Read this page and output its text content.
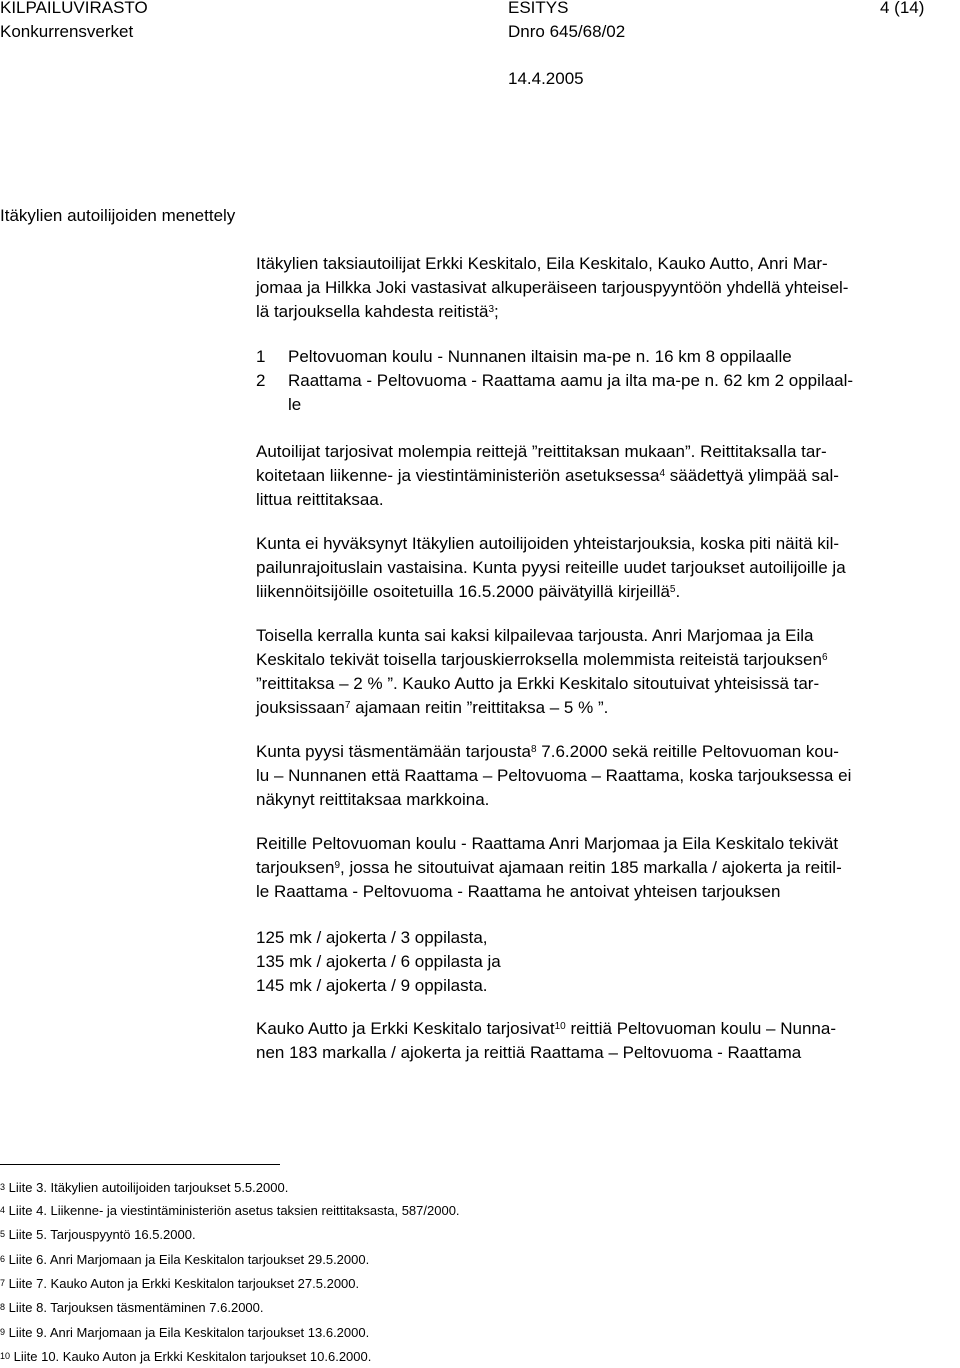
KILPAILUVIRASTO
Konkurrensverket
ESITYS
Dnro 645/68/02
14.4.2005
4 (14)
Itäkylien autoilijoiden menettely
Itäkylien taksiautoilijat Erkki Keskitalo, Eila Keskitalo, Kauko Autto, Anri Mar-
jomaa ja Hilkka Joki vastasivat alkuperäiseen tarjouspyyntöön yhdellä yhteisel-
lä tarjouksella kahdesta reitistä$^3$;
1 Peltovuoman koulu - Nunnanen iltaisin ma-pe n. 16 km 8 oppilaalle
2 Raattama - Peltovuoma - Raattama aamu ja ilta ma-pe n. 62 km 2 oppilaal-
le
Autoilijat tarjosivat molempia reittejä ”reittitaksan mukaan”. Reittitaksalla tar-
koitetaan liikenne- ja viestintäministeriön asetuksessa$^4$ säädettyä ylimpää sal-
littua reittitaksaa.
Kunta ei hyväksynyt Itäkylien autoilijoiden yhteistarjouksia, koska piti näitä kil-
pailunrajoituslain vastaisina. Kunta pyysi reiteille uudet tarjoukset autoilijoille ja
liikennöitsijöille osoitetuilla 16.5.2000 päivätyillä kirjeillä$^5$.
Toisella kerralla kunta sai kaksi kilpailevaa tarjousta. Anri Marjomaa ja Eila
Keskitalo tekivät toisella tarjouskierroksella molemmista reiteistä tarjouksen$^6$
”reittitaksa – 2 % ”. Kauko Autto ja Erkki Keskitalo sitoutuivat yhteisissä tar-
jouksissaan$^7$ ajamaan reitin ”reittitaksa – 5 % ”.
Kunta pyysi täsmentämään tarjousta$^8$ 7.6.2000 sekä reitille Peltovuoman kou-
lu – Nunnanen että Raattama – Peltovuoma – Raattama, koska tarjouksessa ei
näkynyt reittitaksaa markkoina.
Reitille Peltovuoman koulu - Raattama Anri Marjomaa ja Eila Keskitalo tekivät
tarjouksen$^9$, jossa he sitoutuivat ajamaan reitin 185 markalla / ajokerta ja reitil-
le Raattama - Peltovuoma - Raattama he antoivat yhteisen tarjouksen
125 mk / ajokerta / 3 oppilasta,
135 mk / ajokerta / 6 oppilasta ja
145 mk / ajokerta / 9 oppilasta.
Kauko Autto ja Erkki Keskitalo tarjosivat$^{10}$ reittiä Peltovuoman koulu – Nunna-
nen 183 markalla / ajokerta ja reittiä Raattama – Peltovuoma - Raattama
$^3$ Liite 3. Itäkylien autoilijoiden tarjoukset 5.5.2000.
$^4$ Liite 4. Liikenne- ja viestintäministeriön asetus taksien reittitaksasta, 587/2000.
$^5$ Liite 5. Tarjouspyyntö 16.5.2000.
$^6$ Liite 6. Anri Marjomaan ja Eila Keskitalon tarjoukset 29.5.2000.
$^7$ Liite 7. Kauko Auton ja Erkki Keskitalon tarjoukset 27.5.2000.
$^8$ Liite 8. Tarjouksen täsmentäminen 7.6.2000.
$^9$ Liite 9. Anri Marjomaan ja Eila Keskitalon tarjoukset 13.6.2000.
$^{10}$ Liite 10. Kauko Auton ja Erkki Keskitalon tarjoukset 10.6.2000.
